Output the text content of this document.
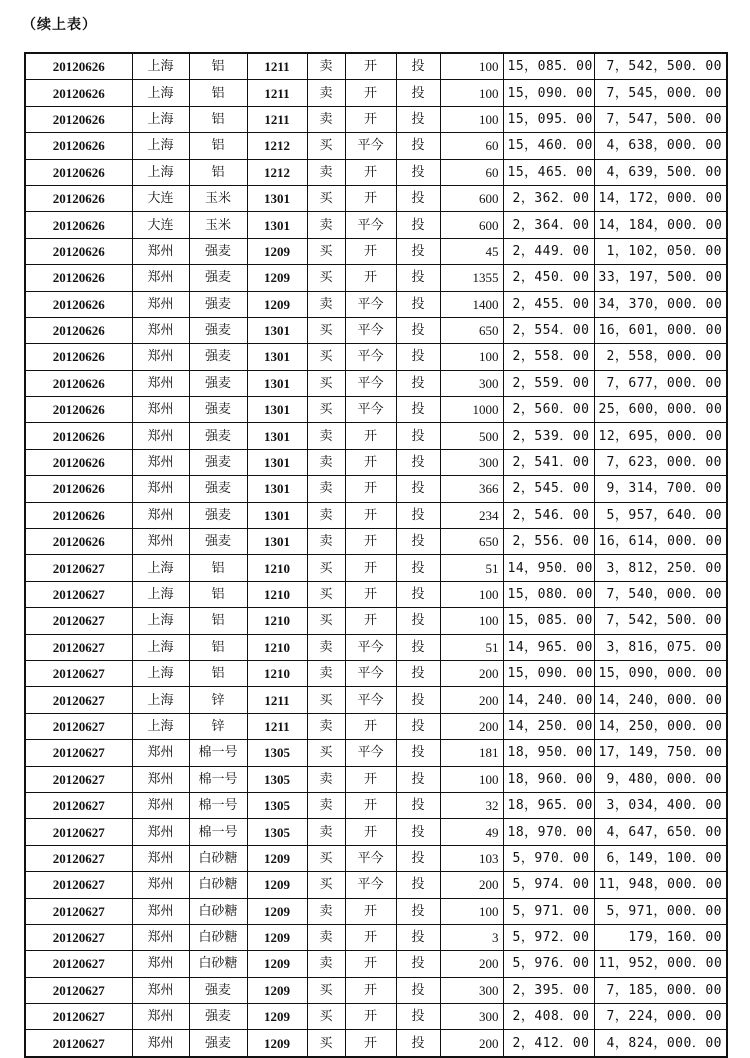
（续上表）
20120626	上海	铝	1211	卖	开	投	100	15，085．00	7，542，500．00
20120626	上海	铝	1211	卖	开	投	100	15，090．00	7，545，000．00
20120626	上海	铝	1211	卖	开	投	100	15，095．00	7，547，500．00
20120626	上海	铝	1212	买	平今	投	60	15，460．00	4，638，000．00
20120626	上海	铝	1212	卖	开	投	60	15，465．00	4，639，500．00
20120626	大连	玉米	1301	买	开	投	600	2，362．00	14，172，000．00
20120626	大连	玉米	1301	卖	平今	投	600	2，364．00	14，184，000．00
20120626	郑州	强麦	1209	买	开	投	45	2，449．00	1，102，050．00
20120626	郑州	强麦	1209	买	开	投	1355	2，450．00	33，197，500．00
20120626	郑州	强麦	1209	卖	平今	投	1400	2，455．00	34，370，000．00
20120626	郑州	强麦	1301	买	平今	投	650	2，554．00	16，601，000．00
20120626	郑州	强麦	1301	买	平今	投	100	2，558．00	2，558，000．00
20120626	郑州	强麦	1301	买	平今	投	300	2，559．00	7，677，000．00
20120626	郑州	强麦	1301	买	平今	投	1000	2，560．00	25，600，000．00
20120626	郑州	强麦	1301	卖	开	投	500	2，539．00	12，695，000．00
20120626	郑州	强麦	1301	卖	开	投	300	2，541．00	7，623，000．00
20120626	郑州	强麦	1301	卖	开	投	366	2，545．00	9，314，700．00
20120626	郑州	强麦	1301	卖	开	投	234	2，546．00	5，957，640．00
20120626	郑州	强麦	1301	卖	开	投	650	2，556．00	16，614，000．00
20120627	上海	铝	1210	买	开	投	51	14，950．00	3，812，250．00
20120627	上海	铝	1210	买	开	投	100	15，080．00	7，540，000．00
20120627	上海	铝	1210	买	开	投	100	15，085．00	7，542，500．00
20120627	上海	铝	1210	卖	平今	投	51	14，965．00	3，816，075．00
20120627	上海	铝	1210	卖	平今	投	200	15，090．00	15，090，000．00
20120627	上海	锌	1211	买	平今	投	200	14，240．00	14，240，000．00
20120627	上海	锌	1211	卖	开	投	200	14，250．00	14，250，000．00
20120627	郑州	棉一号	1305	买	平今	投	181	18，950．00	17，149，750．00
20120627	郑州	棉一号	1305	卖	开	投	100	18，960．00	9，480，000．00
20120627	郑州	棉一号	1305	卖	开	投	32	18，965．00	3，034，400．00
20120627	郑州	棉一号	1305	卖	开	投	49	18，970．00	4，647，650．00
20120627	郑州	白砂糖	1209	买	平今	投	103	5，970．00	6，149，100．00
20120627	郑州	白砂糖	1209	买	平今	投	200	5，974．00	11，948，000．00
20120627	郑州	白砂糖	1209	卖	开	投	100	5，971．00	5，971，000．00
20120627	郑州	白砂糖	1209	卖	开	投	3	5，972．00	179，160．00
20120627	郑州	白砂糖	1209	卖	开	投	200	5，976．00	11，952，000．00
20120627	郑州	强麦	1209	买	开	投	300	2，395．00	7，185，000．00
20120627	郑州	强麦	1209	买	开	投	300	2，408．00	7，224，000．00
20120627	郑州	强麦	1209	买	开	投	200	2，412．00	4，824，000．00
